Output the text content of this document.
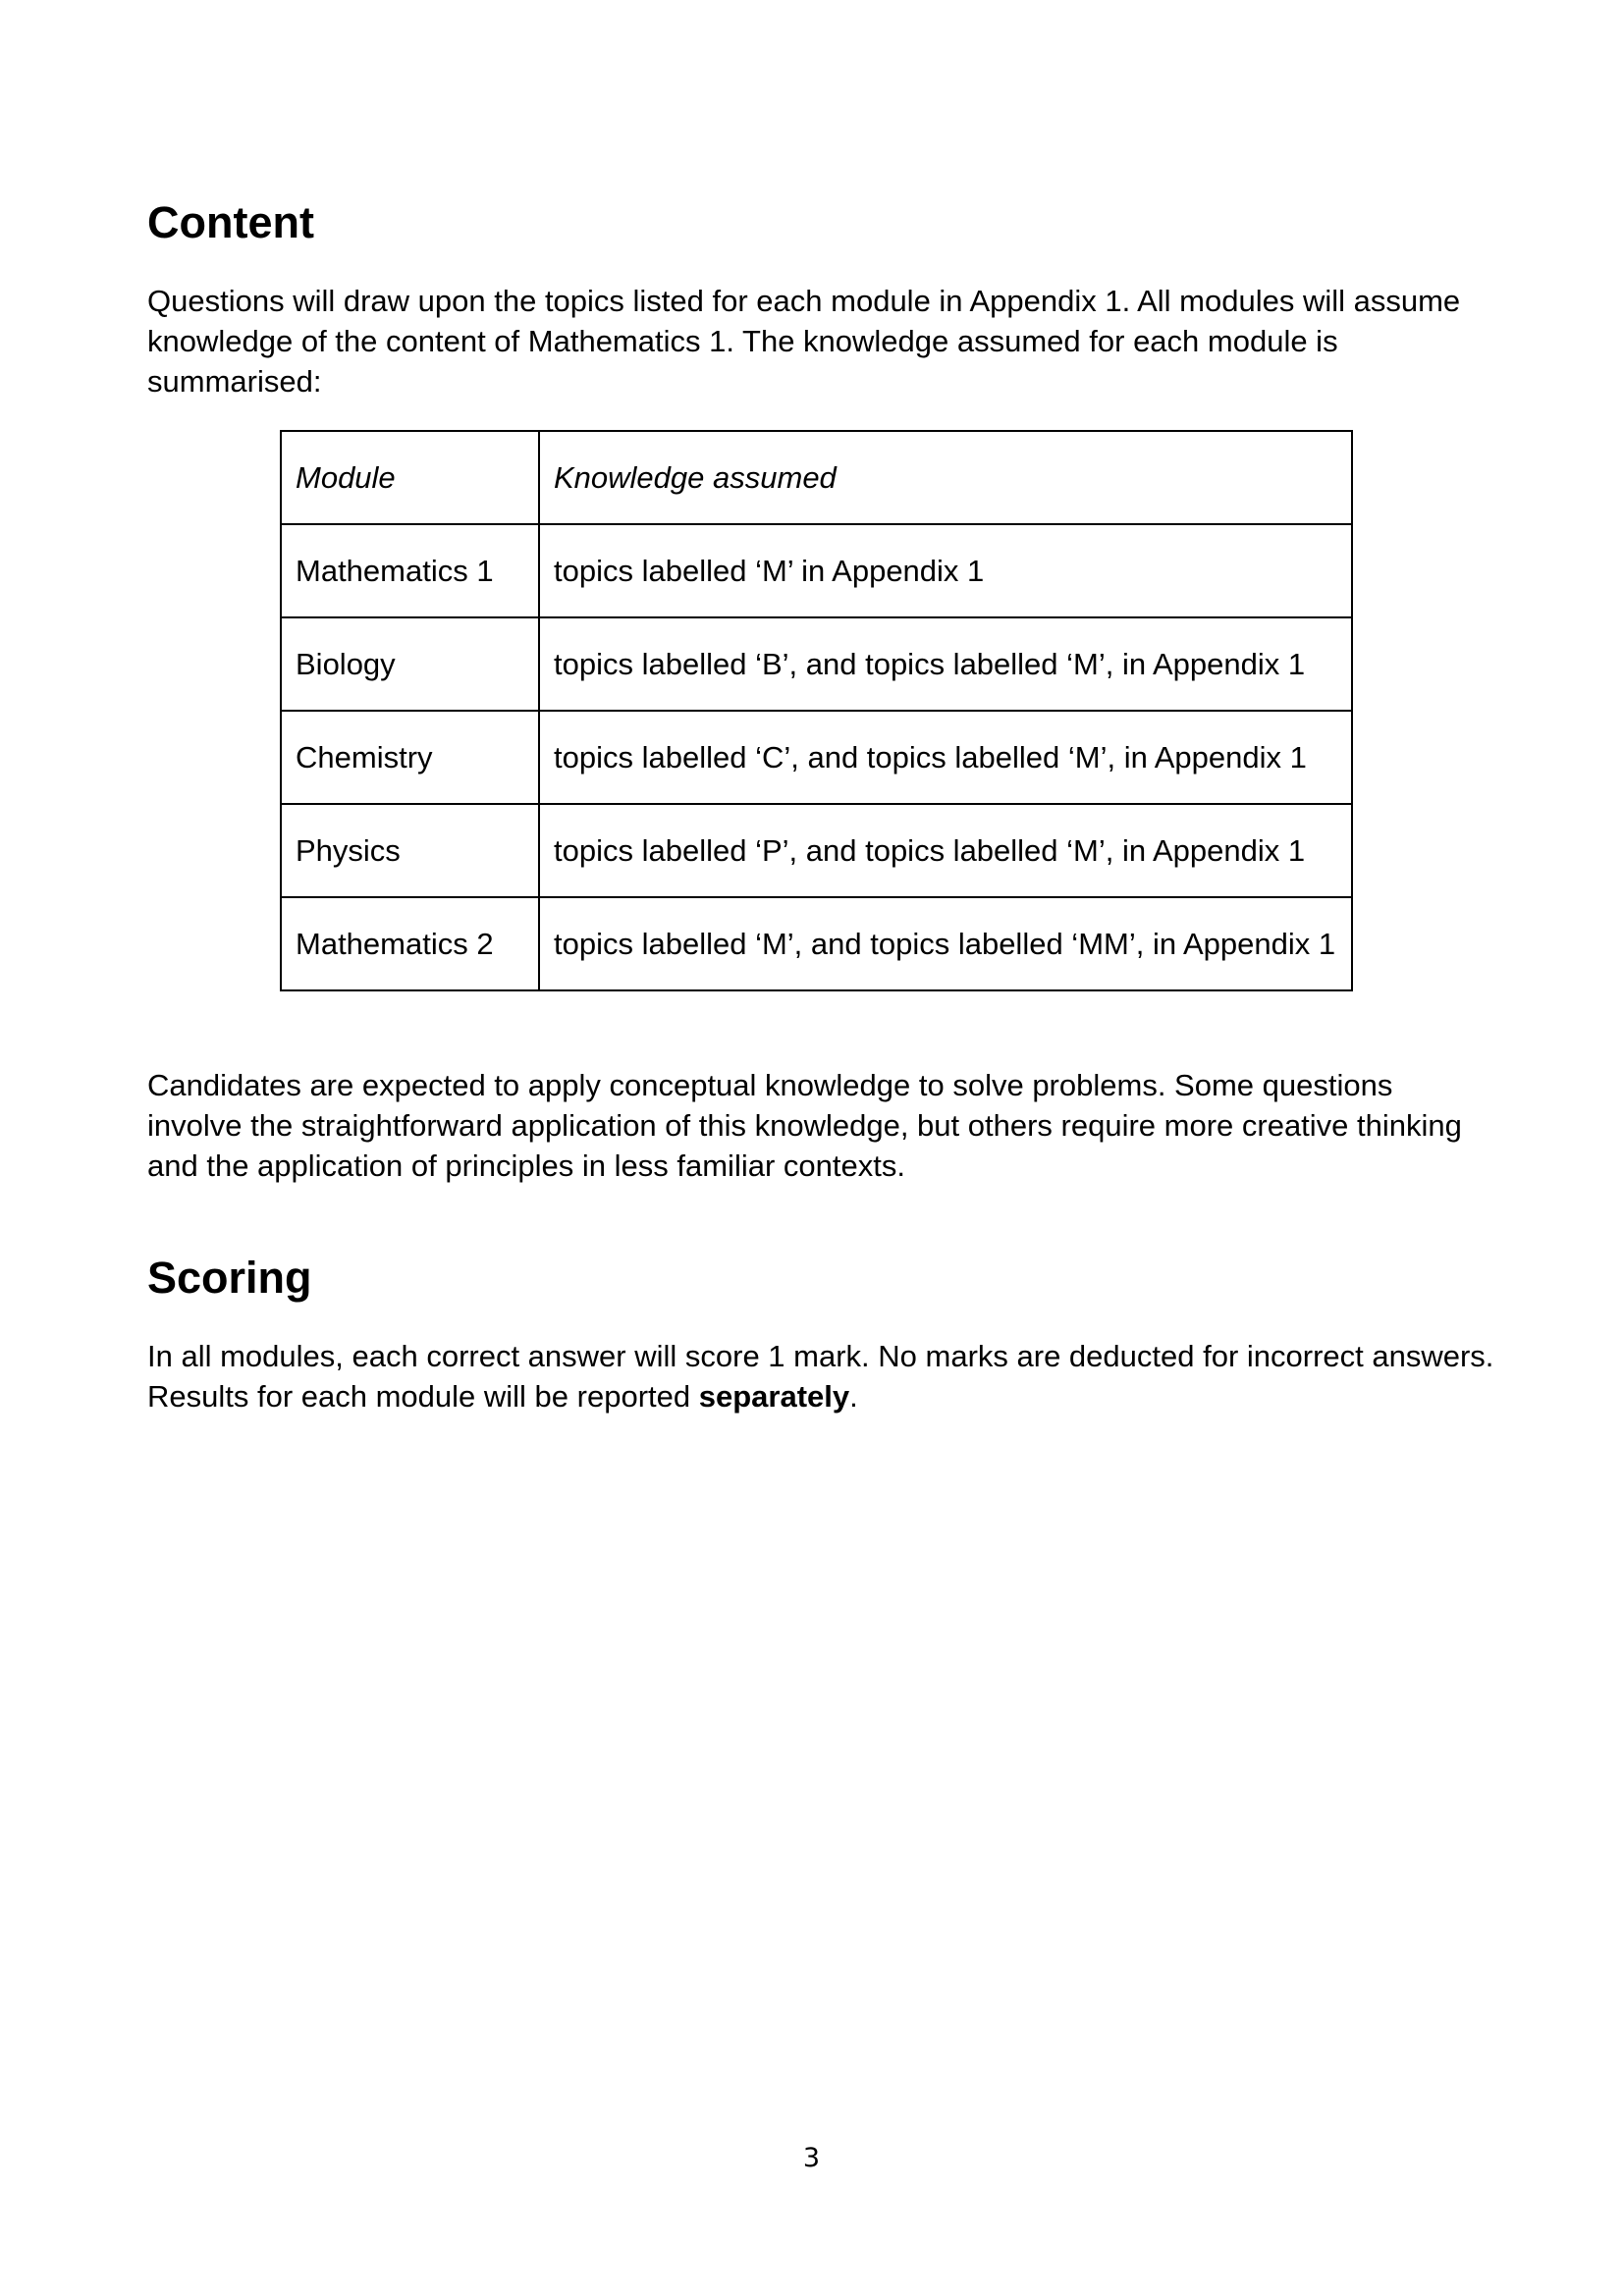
Content

Questions will draw upon the topics listed for each module in Appendix 1. All modules will assume
knowledge of the content of Mathematics 1. The knowledge assumed for each module is
summarised:

Module	Knowledge assumed
Mathematics 1	topics labelled ‘M’ in Appendix 1
Biology	topics labelled ‘B’, and topics labelled ‘M’, in Appendix 1
Chemistry	topics labelled ‘C’, and topics labelled ‘M’, in Appendix 1
Physics	topics labelled ‘P’, and topics labelled ‘M’, in Appendix 1
Mathematics 2	topics labelled ‘M’, and topics labelled ‘MM’, in Appendix 1

Candidates are expected to apply conceptual knowledge to solve problems. Some questions
involve the straightforward application of this knowledge, but others require more creative thinking
and the application of principles in less familiar contexts.

Scoring

In all modules, each correct answer will score 1 mark. No marks are deducted for incorrect answers.
Results for each module will be reported separately.

3
